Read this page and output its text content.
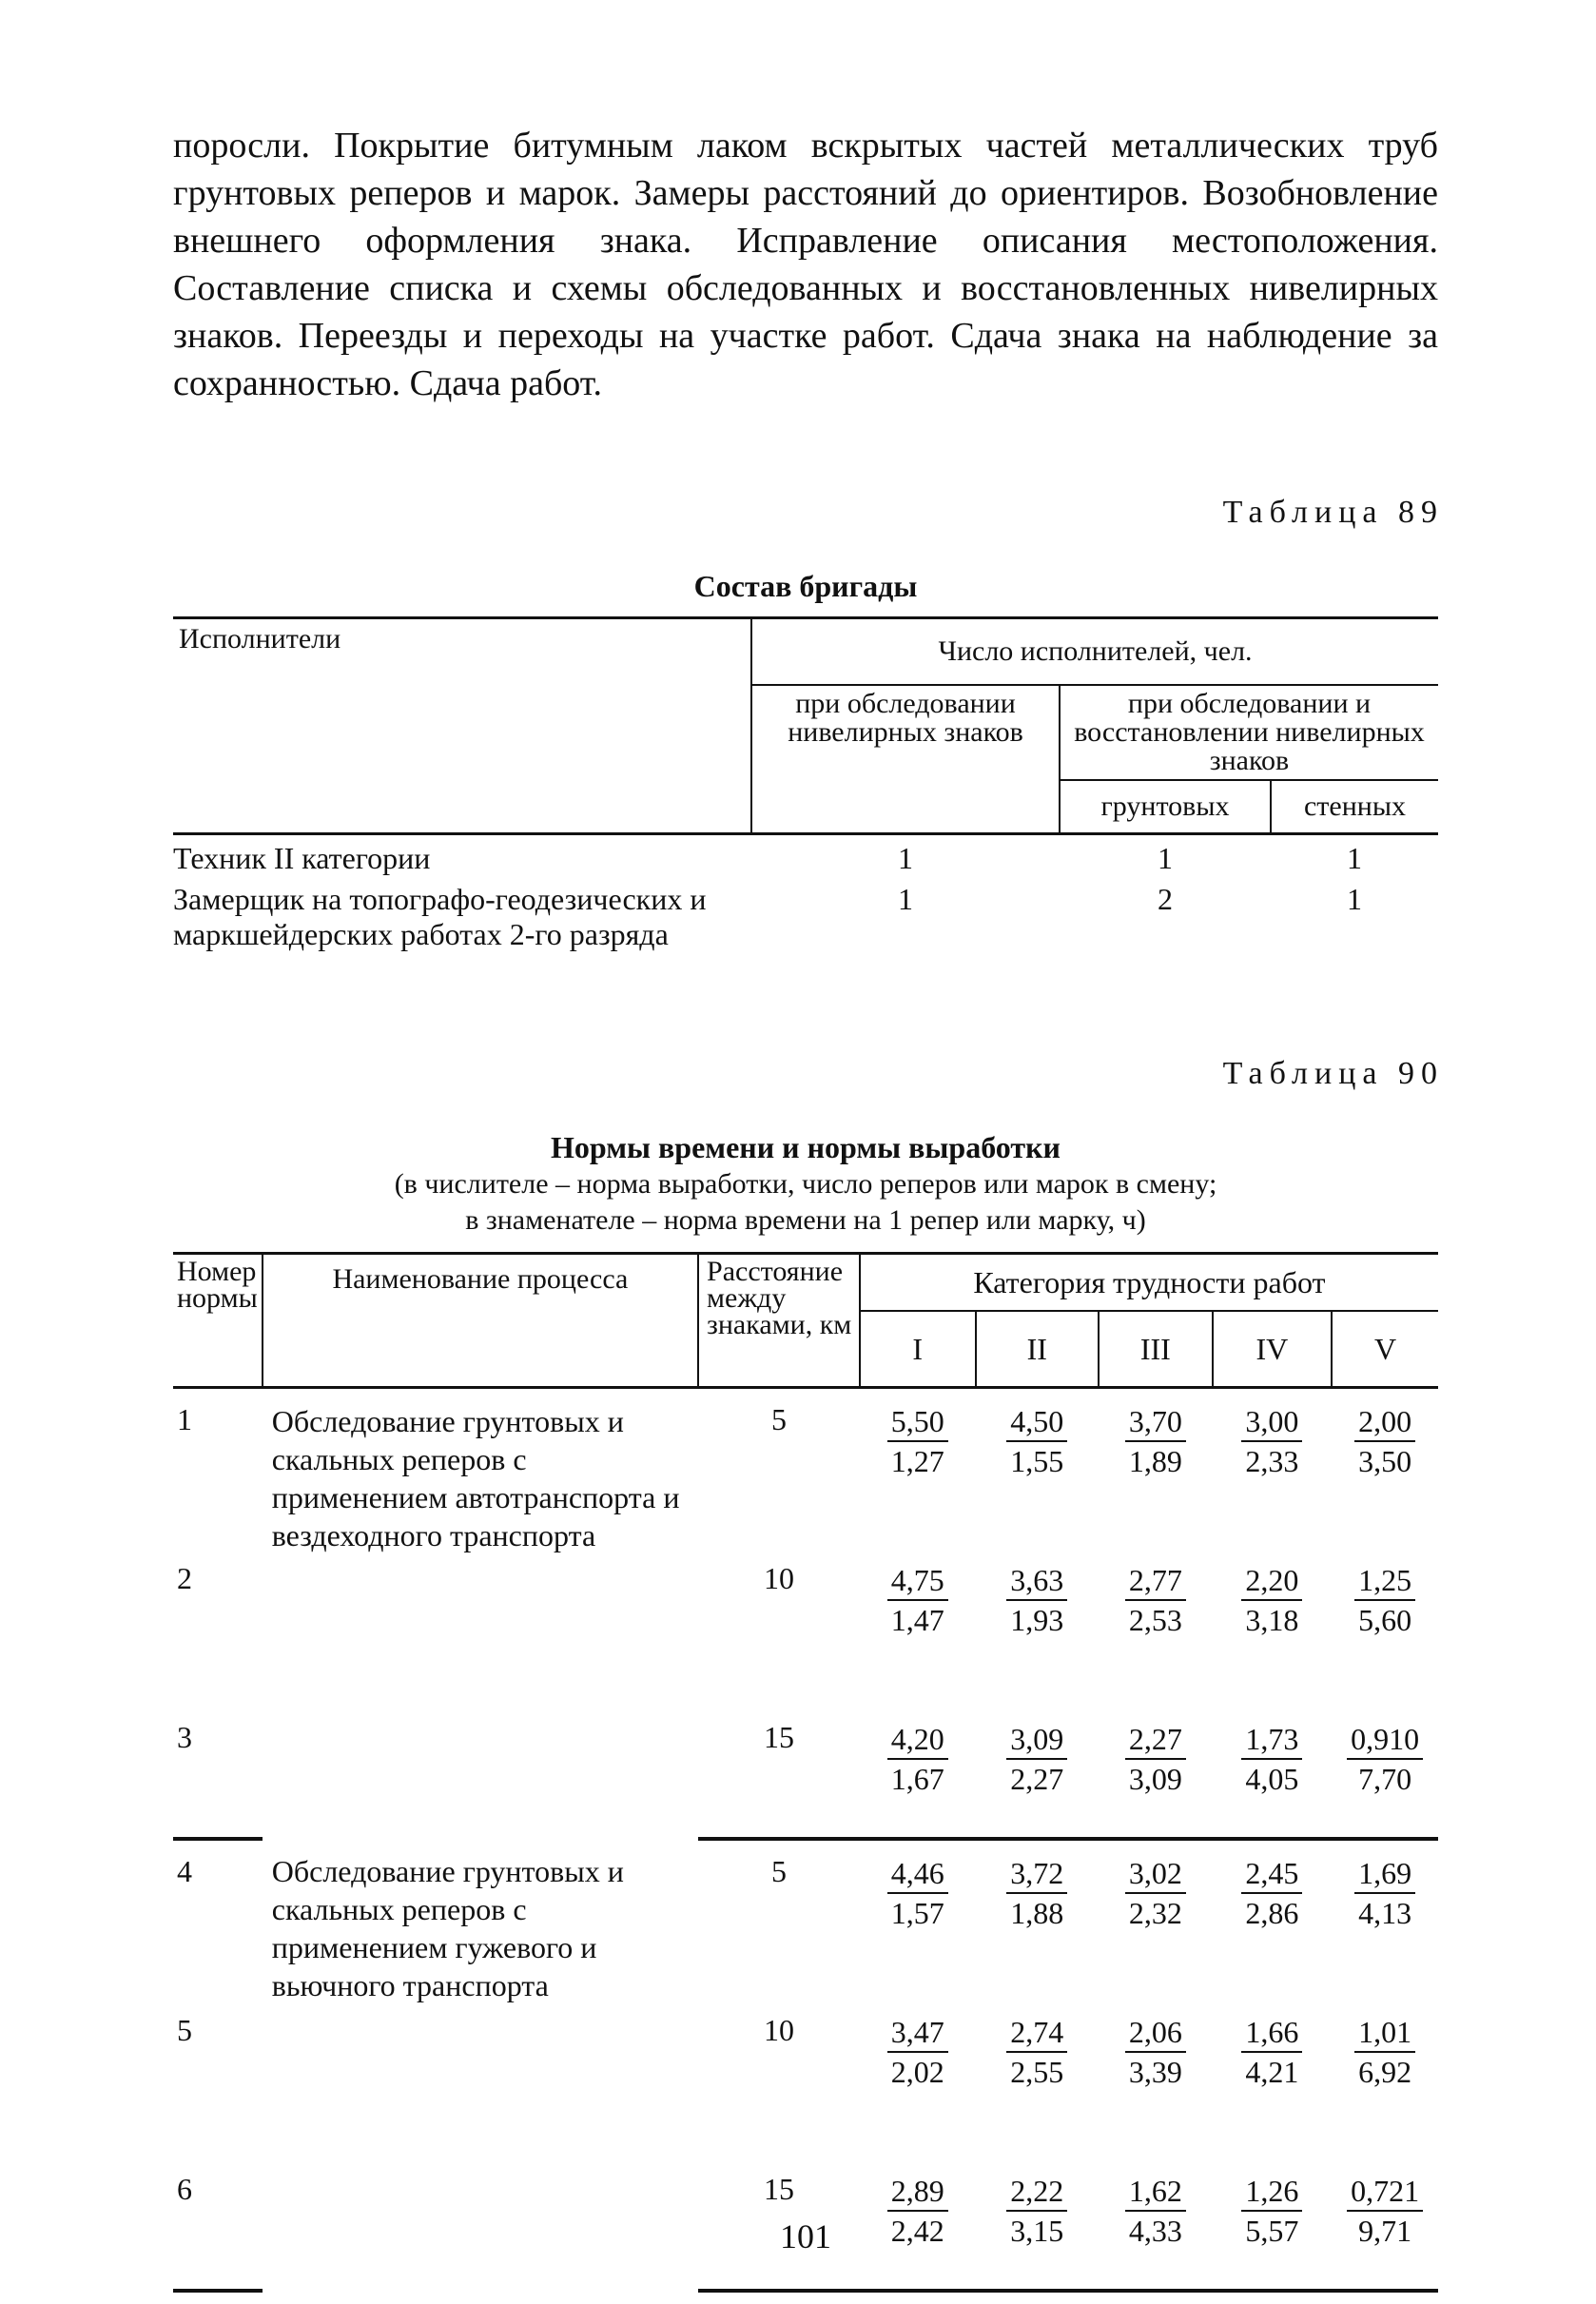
поросли. Покрытие битумным лаком вскрытых частей металлических труб грунтовых реперов и марок. Замеры расстояний до ориентиров. Возобновление внешнего оформления знака. Исправление описания местоположения. Составление списка и схемы обследованных и восстановленных нивелирных знаков. Переезды и переходы на участке работ. Сдача знака на наблюдение за сохранностью. Сдача работ.

Таблица 89
Состав бригады
Исполнители	Число исполнителей, чел.		
	при обследовании нивелирных знаков	при обследовании и восстановлении нивелирных знаков	
		грунтовых	стенных
Техник II категории	1	1	1
Замерщик на топографо-геодезических и маркшейдерских работах 2-го разряда	1	2	1
Таблица 90
Нормы времени и нормы выработки
(в числителе – норма выработки, число реперов или марок в смену;
в знаменателе – норма времени на 1 репер или марку, ч)
Номер нормы	Наименование процесса	Расстояние между знаками, км	Категория трудности работ				
			I	II	III	IV	V
1	Обследование грунтовых и скальных реперов с применением автотранспорта и вездеходного транспорта	5	$\frac{5,50}{1,27}$	$\frac{4,50}{1,55}$	$\frac{3,70}{1,89}$	$\frac{3,00}{2,33}$	$\frac{2,00}{3,50}$

2		10	$\frac{4,75}{1,47}$	$\frac{3,63}{1,93}$	$\frac{2,77}{2,53}$	$\frac{2,20}{3,18}$	$\frac{1,25}{5,60}$

3		15	$\frac{4,20}{1,67}$	$\frac{3,09}{2,27}$	$\frac{2,27}{3,09}$	$\frac{1,73}{4,05}$	$\frac{0,910}{7,70}$

4	Обследование грунтовых и скальных реперов с применением гужевого и вьючного транспорта	5	$\frac{4,46}{1,57}$	$\frac{3,72}{1,88}$	$\frac{3,02}{2,32}$	$\frac{2,45}{2,86}$	$\frac{1,69}{4,13}$

5		10	$\frac{3,47}{2,02}$	$\frac{2,74}{2,55}$	$\frac{2,06}{3,39}$	$\frac{1,66}{4,21}$	$\frac{1,01}{6,92}$

6		15	$\frac{2,89}{2,42}$	$\frac{2,22}{3,15}$	$\frac{1,62}{4,33}$	$\frac{1,26}{5,57}$	$\frac{0,721}{9,71}$
101
